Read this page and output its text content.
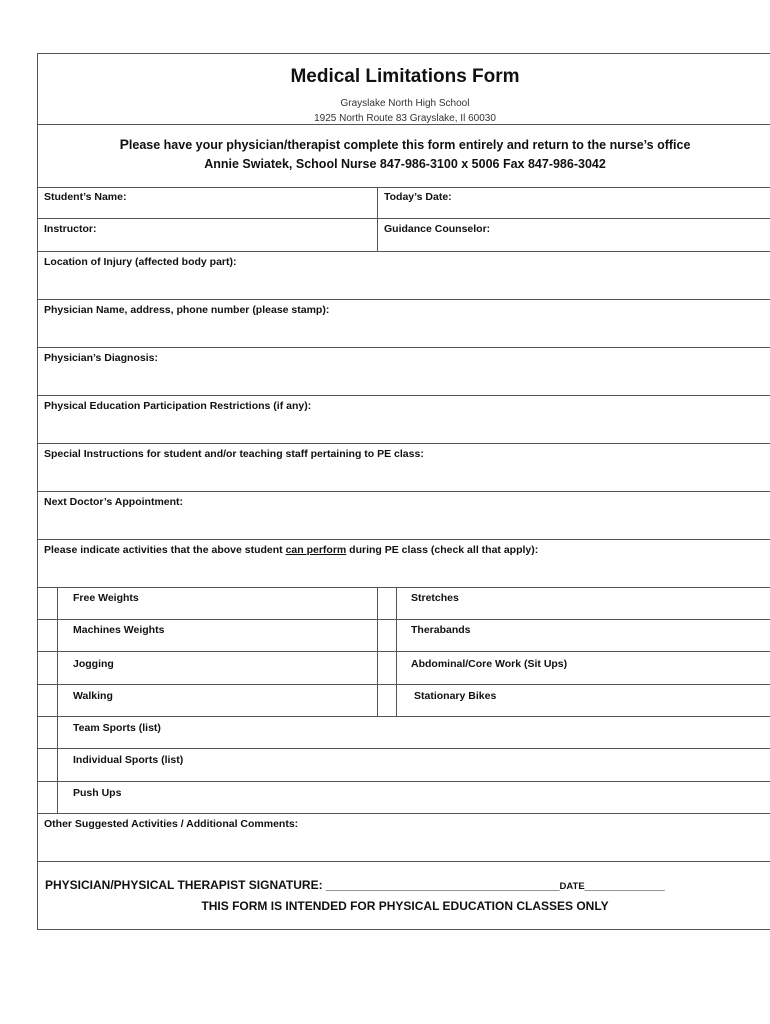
Medical Limitations Form
Grayslake North High School
1925 North Route 83 Grayslake, Il 60030
Please have your physician/therapist complete this form entirely and return to the nurse’s office
Annie Swiatek, School Nurse 847-986-3100 x 5006 Fax 847-986-3042
Student’s Name:	Today’s Date:
Instructor:	Guidance Counselor:
Location of Injury (affected body part):
Physician Name, address, phone number (please stamp):
Physician’s Diagnosis:
Physical Education Participation Restrictions (if any):
Special Instructions for student and/or teaching staff pertaining to PE class:
Next Doctor’s Appointment:
Please indicate activities that the above student can perform during PE class (check all that apply):
Free Weights	Stretches
Machines Weights	Therabands
Jogging	Abdominal/Core Work (Sit Ups)
Walking	Stationary Bikes
Team Sports (list)
Individual Sports (list)
Push Ups
Other Suggested Activities / Additional Comments:
PHYSICIAN/PHYSICAL THERAPIST SIGNATURE: ___________________________________DATE____________
THIS FORM IS INTENDED FOR PHYSICAL EDUCATION CLASSES ONLY
